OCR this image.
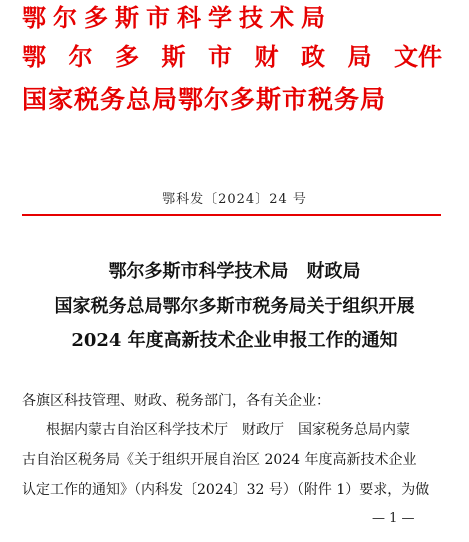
鄂尔多斯市科学技术局
鄂 尔 多 斯 市 财 政 局 文件
国家税务总局鄂尔多斯市税务局
鄂科发〔2024〕24 号
鄂尔多斯市科学技术局　财政局
国家税务总局鄂尔多斯市税务局关于组织开展
2024 年度高新技术企业申报工作的通知
各旗区科技管理、财政、税务部门，各有关企业：
根据内蒙古自治区科学技术厅　财政厅　国家税务总局内蒙
古自治区税务局《关于组织开展自治区 2024 年度高新技术企业
认定工作的通知》（内科发〔2024〕32 号）（附件 1）要求，为做
— 1 —
